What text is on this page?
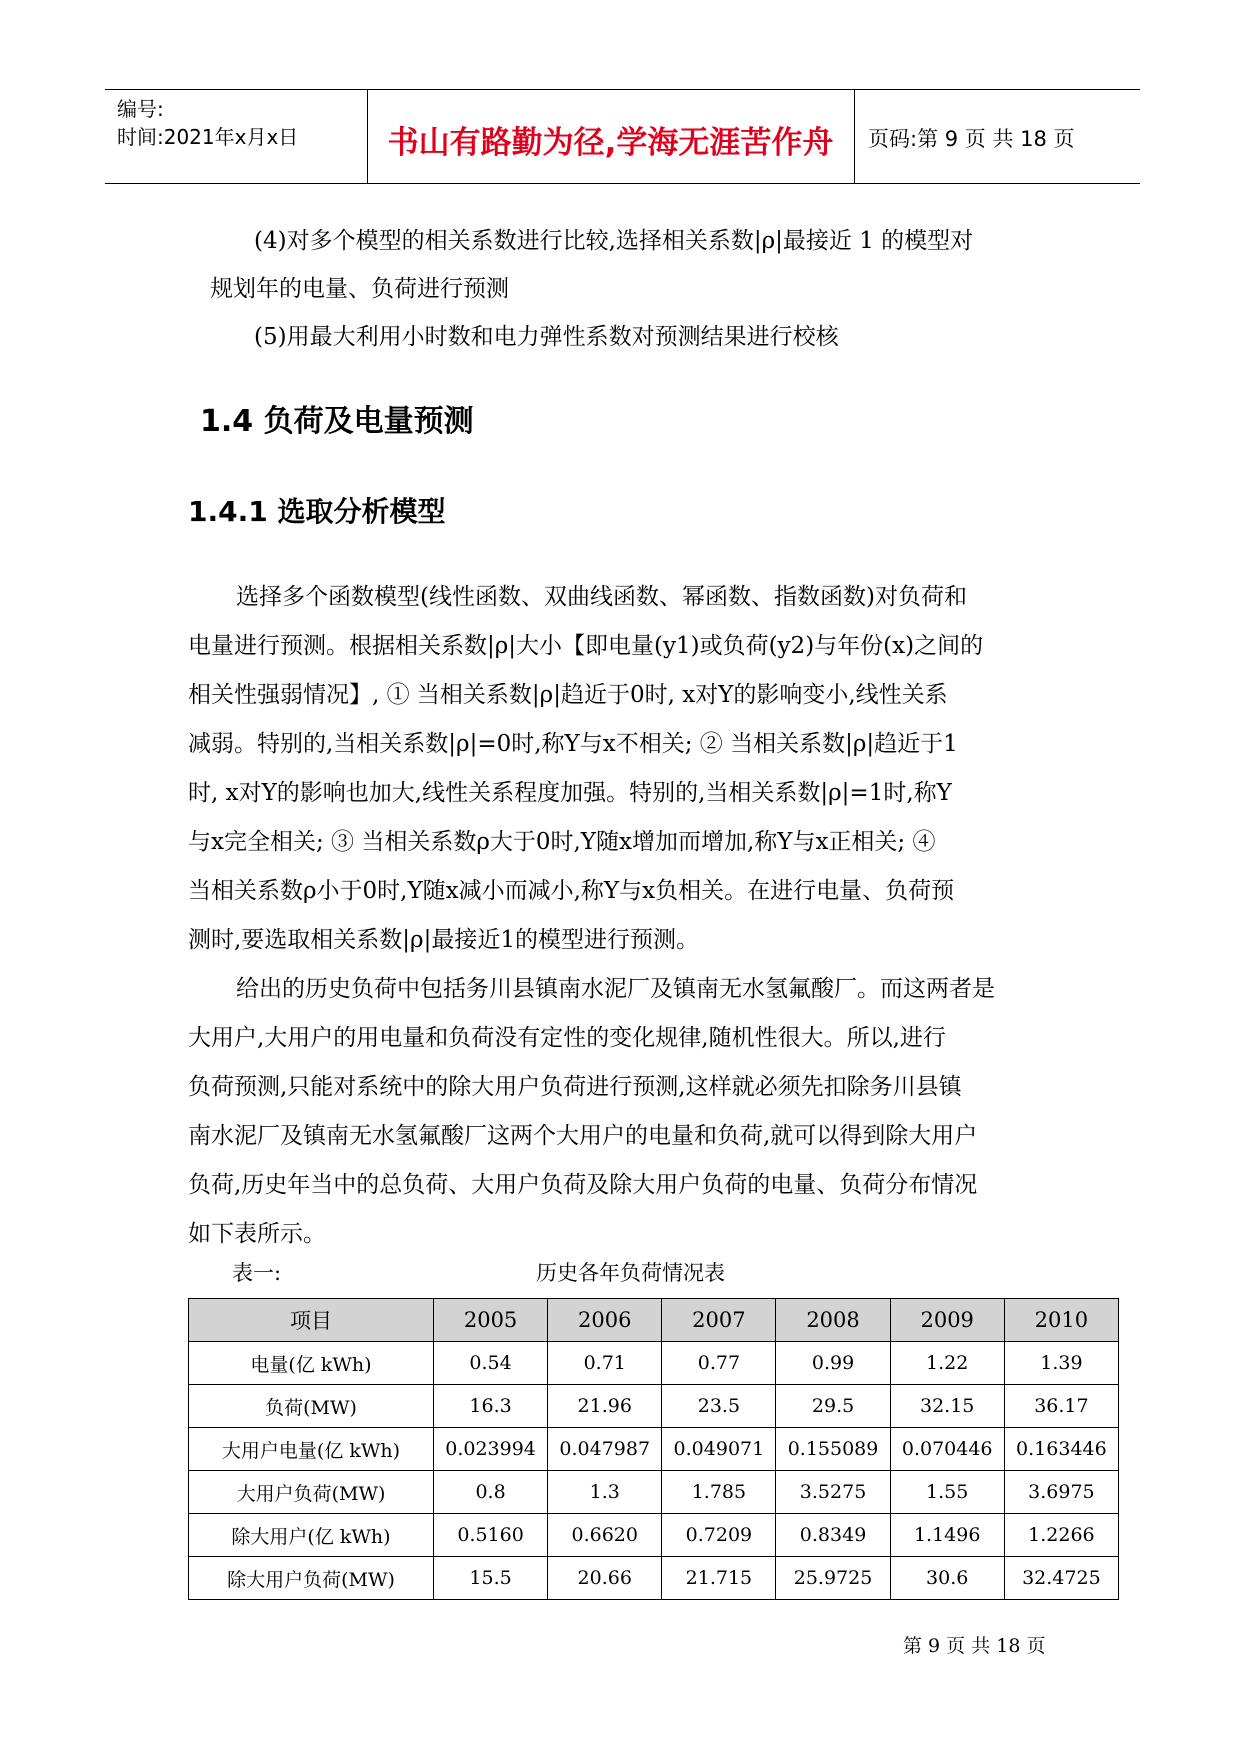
编号:
时间:2021年x月x日	书山有路勤为径,学海无涯苦作舟	页码:第 9 页 共 18 页
(4)对多个模型的相关系数进行比较,选择相关系数|ρ|最接近 1 的模型对
规划年的电量、负荷进行预测
(5)用最大利用小时数和电力弹性系数对预测结果进行校核
1.4 负荷及电量预测
1.4.1 选取分析模型
选择多个函数模型(线性函数、双曲线函数、幂函数、指数函数)对负荷和
电量进行预测。根据相关系数|ρ|大小【即电量(y1)或负荷(y2)与年份(x)之间的
相关性强弱情况】, ① 当相关系数|ρ|趋近于0时, x对Y的影响变小,线性关系
减弱。特别的,当相关系数|ρ|=0时,称Y与x不相关; ② 当相关系数|ρ|趋近于1
时, x对Y的影响也加大,线性关系程度加强。特别的,当相关系数|ρ|=1时,称Y
与x完全相关; ③ 当相关系数ρ大于0时,Y随x增加而增加,称Y与x正相关; ④
当相关系数ρ小于0时,Y随x减小而减小,称Y与x负相关。在进行电量、负荷预
测时,要选取相关系数|ρ|最接近1的模型进行预测。
给出的历史负荷中包括务川县镇南水泥厂及镇南无水氢氟酸厂。而这两者是
大用户,大用户的用电量和负荷没有定性的变化规律,随机性很大。所以,进行
负荷预测,只能对系统中的除大用户负荷进行预测,这样就必须先扣除务川县镇
南水泥厂及镇南无水氢氟酸厂这两个大用户的电量和负荷,就可以得到除大用户
负荷,历史年当中的总负荷、大用户负荷及除大用户负荷的电量、负荷分布情况
如下表所示。
表一:	历史各年负荷情况表
项目	2005	2006	2007	2008	2009	2010
电量(亿 kWh)	0.54	0.71	0.77	0.99	1.22	1.39
负荷(MW)	16.3	21.96	23.5	29.5	32.15	36.17
大用户电量(亿 kWh)	0.023994	0.047987	0.049071	0.155089	0.070446	0.163446
大用户负荷(MW)	0.8	1.3	1.785	3.5275	1.55	3.6975
除大用户(亿 kWh)	0.5160	0.6620	0.7209	0.8349	1.1496	1.2266
除大用户负荷(MW)	15.5	20.66	21.715	25.9725	30.6	32.4725
第 9 页 共 18 页
